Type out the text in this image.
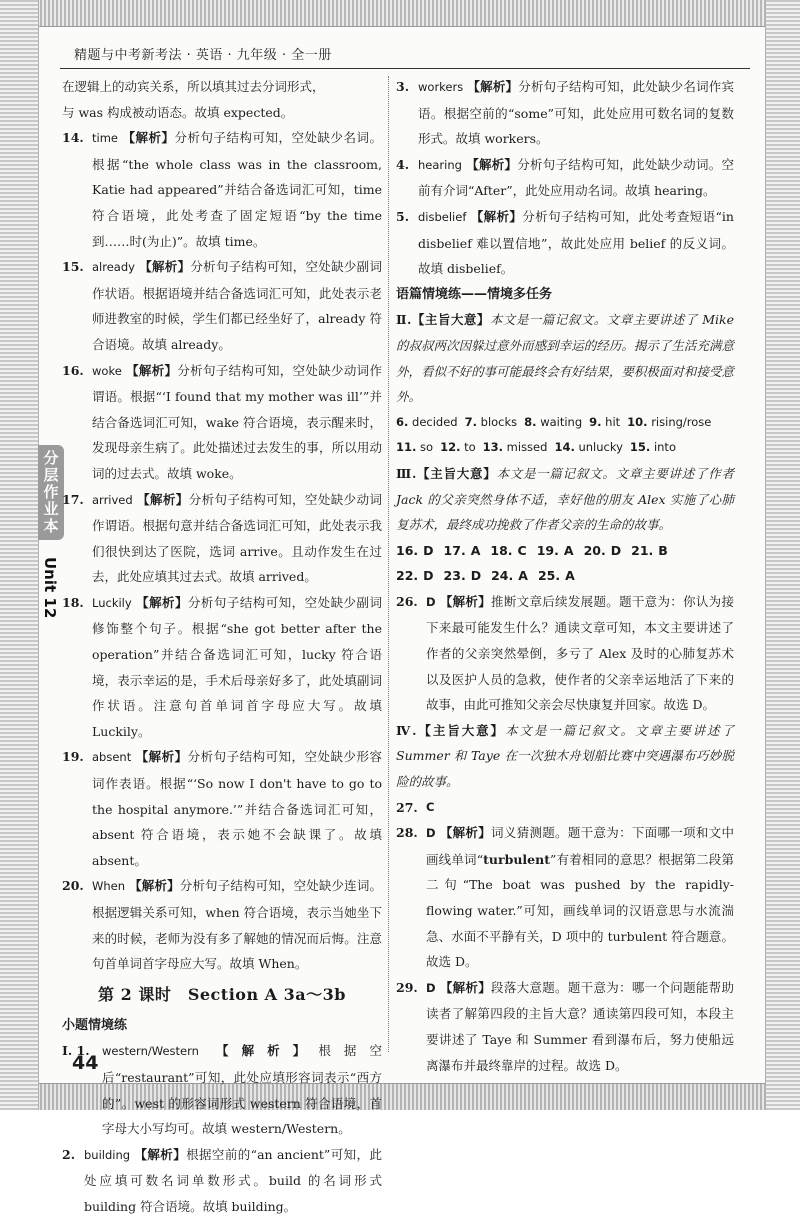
精题与中考新考法 · 英语 · 九年级 · 全一册
分层作业本
Unit 12
在逻辑上的动宾关系，所以填其过去分词形式，
与 was 构成被动语态。故填 expected。
14. time 【解析】分析句子结构可知，空处缺少名词。根据“the whole class was in the classroom, Katie had appeared”并结合备选词汇可知，time 符合语境，此处考查了固定短语“by the time 到……时(为止)”。故填 time。
15. already 【解析】分析句子结构可知，空处缺少副词作状语。根据语境并结合备选词汇可知，此处表示老师进教室的时候，学生们都已经坐好了，already 符合语境。故填 already。
16. woke 【解析】分析句子结构可知，空处缺少动词作谓语。根据“‘I found that my mother was ill’”并结合备选词汇可知，wake 符合语境，表示醒来时，发现母亲生病了。此处描述过去发生的事，所以用动词的过去式。故填 woke。
17. arrived 【解析】分析句子结构可知，空处缺少动词作谓语。根据句意并结合备选词汇可知，此处表示我们很快到达了医院，选词 arrive。且动作发生在过去，此处应填其过去式。故填 arrived。
18. Luckily 【解析】分析句子结构可知，空处缺少副词修饰整个句子。根据“she got better after the operation”并结合备选词汇可知，lucky 符合语境，表示幸运的是，手术后母亲好多了，此处填副词作状语。注意句首单词首字母应大写。故填 Luckily。
19. absent 【解析】分析句子结构可知，空处缺少形容词作表语。根据“‘So now I don't have to go to the hospital anymore.’”并结合备选词汇可知，absent 符合语境，表示她不会缺课了。故填 absent。
20. When 【解析】分析句子结构可知，空处缺少连词。根据逻辑关系可知，when 符合语境，表示当她坐下来的时候，老师为没有多了解她的情况而后悔。注意句首单词首字母应大写。故填 When。
第 2 课时　Section A 3a～3b
小题情境练
Ⅰ. 1.	western/Western 【解析】根据空后“restaurant”可知，此处应填形容词表示“西方的”。west 的形容词形式 western 符合语境，首字母大小写均可。故填 western/Western。
2. building 【解析】根据空前的“an ancient”可知，此处应填可数名词单数形式。build 的名词形式 building 符合语境。故填 building。
3. workers 【解析】分析句子结构可知，此处缺少名词作宾语。根据空前的“some”可知，此处应用可数名词的复数形式。故填 workers。
4. hearing 【解析】分析句子结构可知，此处缺少动词。空前有介词“After”，此处应用动名词。故填 hearing。
5. disbelief 【解析】分析句子结构可知，此处考查短语“in disbelief 难以置信地”，故此处应用 belief 的反义词。故填 disbelief。
语篇情境练——情境多任务
Ⅱ.【主旨大意】本文是一篇记叙文。文章主要讲述了 Mike 的叔叔两次因躲过意外而感到幸运的经历。揭示了生活充满意外，看似不好的事可能最终会有好结果，要积极面对和接受意外。
6. decided 7. blocks 8. waiting 9. hit 10. rising/rose
11. so 12. to 13. missed 14. unlucky 15. into
Ⅲ.【主旨大意】本文是一篇记叙文。文章主要讲述了作者 Jack 的父亲突然身体不适，幸好他的朋友 Alex 实施了心肺复苏术，最终成功挽救了作者父亲的生命的故事。
16. D 17. A 18. C 19. A 20. D 21. B
22. D 23. D 24. A 25. A
26. D 【解析】推断文章后续发展题。题干意为：你认为接下来最可能发生什么？通读文章可知，本文主要讲述了作者的父亲突然晕倒，多亏了 Alex 及时的心肺复苏术以及医护人员的急救，使作者的父亲幸运地活了下来的故事，由此可推知父亲会尽快康复并回家。故选 D。
Ⅳ.【主旨大意】本文是一篇记叙文。文章主要讲述了 Summer 和 Taye 在一次独木舟划船比赛中突遇瀑布巧妙脱险的故事。
27. C
28. D 【解析】词义猜测题。题干意为：下面哪一项和文中画线单词“turbulent”有着相同的意思？根据第二段第二句“The boat was pushed by the rapidly-flowing water.”可知，画线单词的汉语意思与水流湍急、水面不平静有关，D 项中的 turbulent 符合题意。故选 D。
29. D 【解析】段落大意题。题干意为：哪一个问题能帮助读者了解第四段的主旨大意？通读第四段可知，本段主要讲述了 Taye 和 Summer 看到瀑布后，努力使船远离瀑布并最终靠岸的过程。故选 D。
44
